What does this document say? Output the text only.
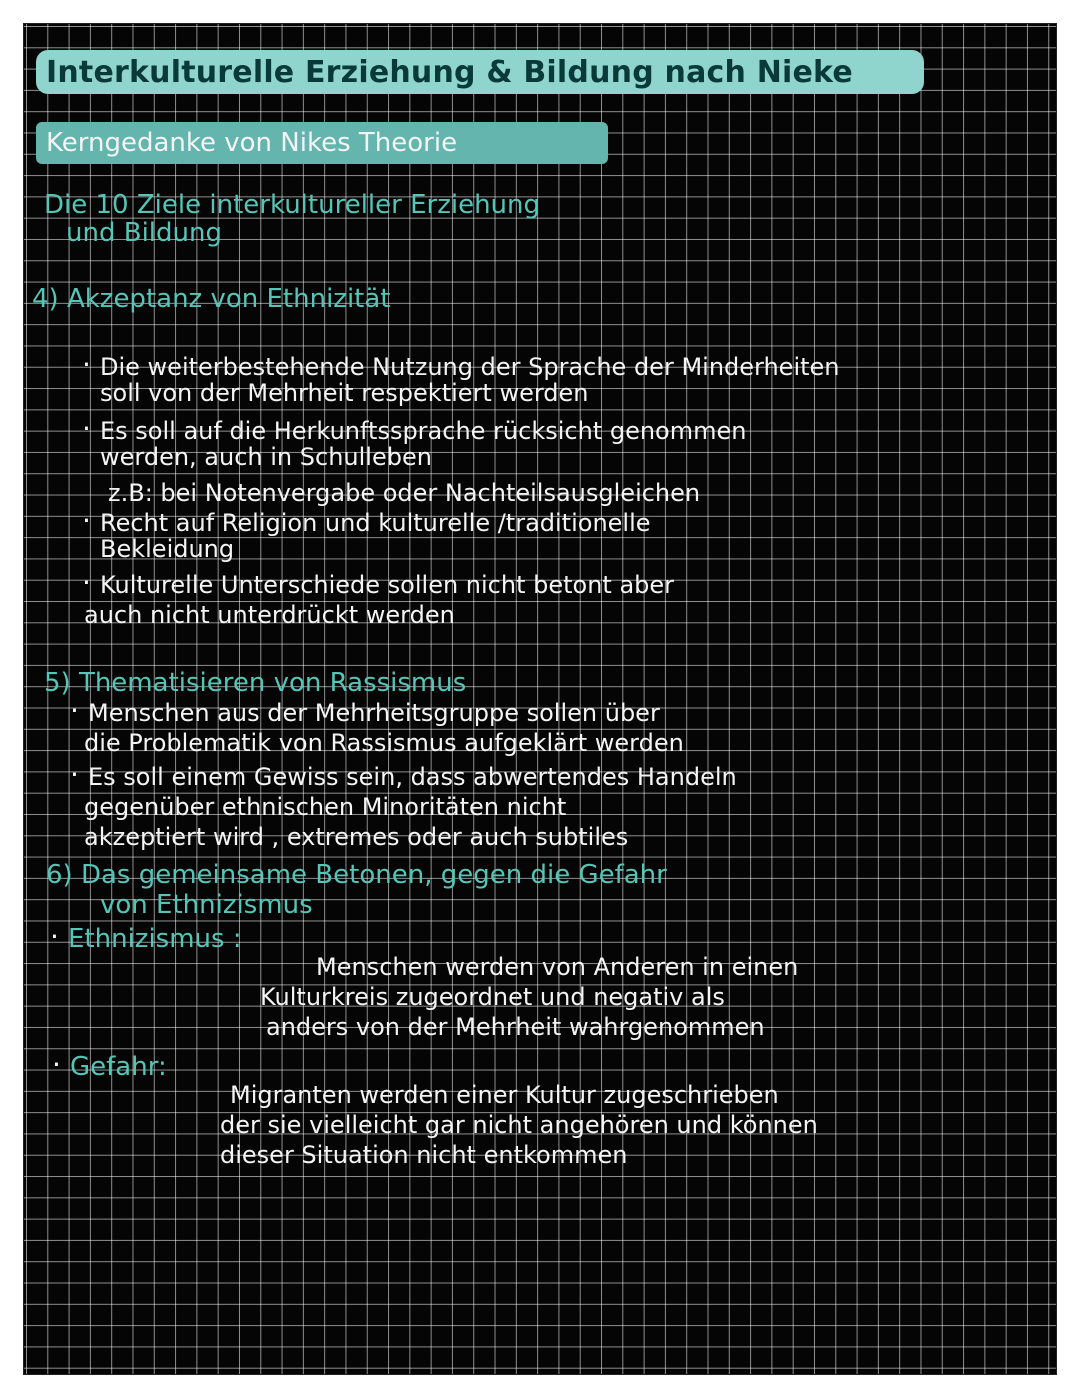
Interkulturelle Erziehung & Bildung nach Nieke
Kerngedanke von Nikes Theorie
Die 10 Ziele interkultureller Erziehung
und Bildung
4) Akzeptanz von Ethnizität
· Die weiterbestehende Nutzung der Sprache der Minderheiten
soll von der Mehrheit respektiert werden
· Es soll auf die Herkunftssprache rücksicht genommen
werden, auch in Schulleben
z.B: bei Notenvergabe oder Nachteilsausgleichen
· Recht auf Religion und kulturelle /traditionelle
Bekleidung
· Kulturelle Unterschiede sollen nicht betont aber
auch nicht unterdrückt werden
5) Thematisieren von Rassismus
· Menschen aus der Mehrheitsgruppe sollen über
die Problematik von Rassismus aufgeklärt werden
· Es soll einem Gewiss sein, dass abwertendes Handeln
gegenüber ethnischen Minoritäten nicht
akzeptiert wird , extremes oder auch subtiles
6) Das gemeinsame Betonen, gegen die Gefahr
von Ethnizismus
· Ethnizismus :
Menschen werden von Anderen in einen
Kulturkreis zugeordnet und negativ als
anders von der Mehrheit wahrgenommen
· Gefahr:
Migranten werden einer Kultur zugeschrieben
der sie vielleicht gar nicht angehören und können
dieser Situation nicht entkommen
